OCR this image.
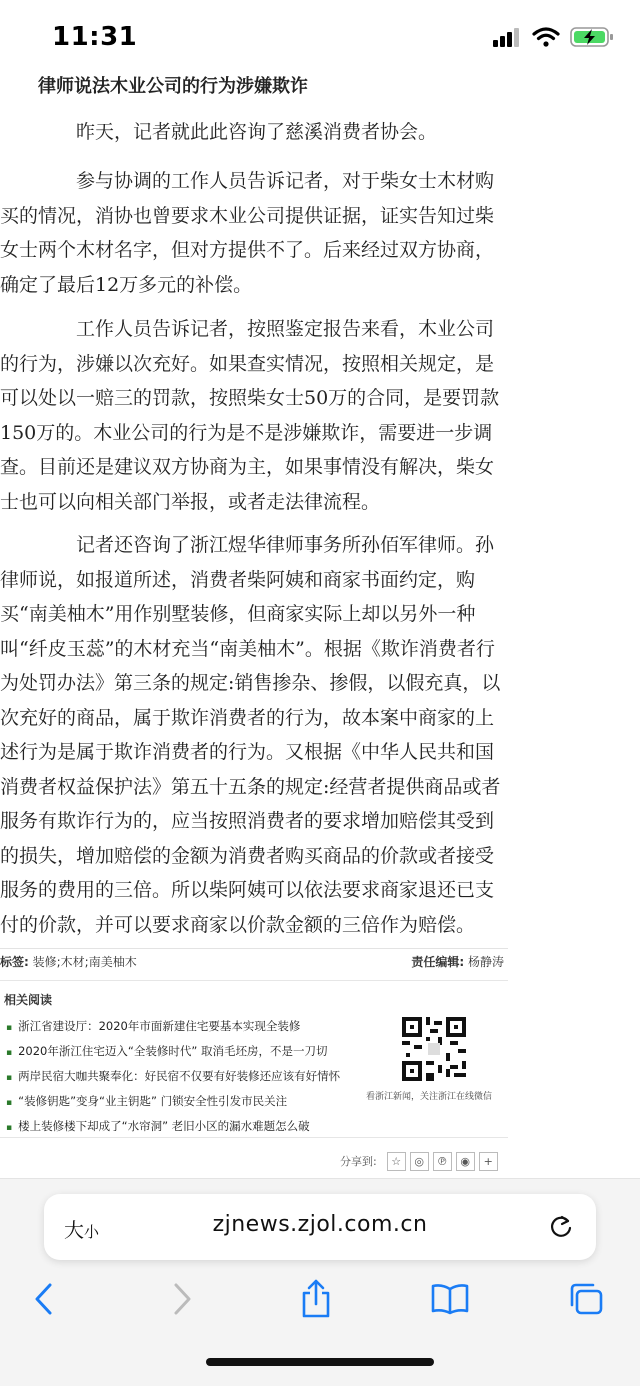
11:31
律师说法木业公司的行为涉嫌欺诈

昨天，记者就此此咨询了慈溪消费者协会。

参与协调的工作人员告诉记者，对于柴女士木材购买的情况，消协也曾要求木业公司提供证据，证实告知过柴女士两个木材名字，但对方提供不了。后来经过双方协商，确定了最后12万多元的补偿。

工作人员告诉记者，按照鉴定报告来看，木业公司的行为，涉嫌以次充好。如果查实情况，按照相关规定，是可以处以一赔三的罚款，按照柴女士50万的合同，是要罚款150万的。木业公司的行为是不是涉嫌欺诈，需要进一步调查。目前还是建议双方协商为主，如果事情没有解决，柴女士也可以向相关部门举报，或者走法律流程。

记者还咨询了浙江煜华律师事务所孙佰军律师。孙律师说，如报道所述，消费者柴阿姨和商家书面约定，购买“南美柚木”用作别墅装修，但商家实际上却以另外一种叫“纤皮玉蕊”的木材充当“南美柚木”。根据《欺诈消费者行为处罚办法》第三条的规定:销售掺杂、掺假，以假充真，以次充好的商品，属于欺诈消费者的行为，故本案中商家的上述行为是属于欺诈消费者的行为。又根据《中华人民共和国消费者权益保护法》第五十五条的规定:经营者提供商品或者服务有欺诈行为的，应当按照消费者的要求增加赔偿其受到的损失，增加赔偿的金额为消费者购买商品的价款或者接受服务的费用的三倍。所以柴阿姨可以依法要求商家退还已支付的价款，并可以要求商家以价款金额的三倍作为赔偿。

标签: 装修;木材;南美柚木	责任编辑: 杨静涛
相关阅读
▪ 浙江省建设厅：2020年市面新建住宅要基本实现全装修
▪ 2020年浙江住宅迈入“全装修时代” 取消毛坯房，不是一刀切
▪ 两岸民宿大咖共聚奉化：好民宿不仅要有好装修还应该有好情怀
▪ “装修钥匙”变身“业主钥匙” 门锁安全性引发市民关注
▪ 楼上装修楼下却成了“水帘洞” 老旧小区的漏水难题怎么破
看浙江新闻，关注浙江在线微信
分享到:	☆	◎	℗	◉	+
大小	zjnews.zjol.com.cn
